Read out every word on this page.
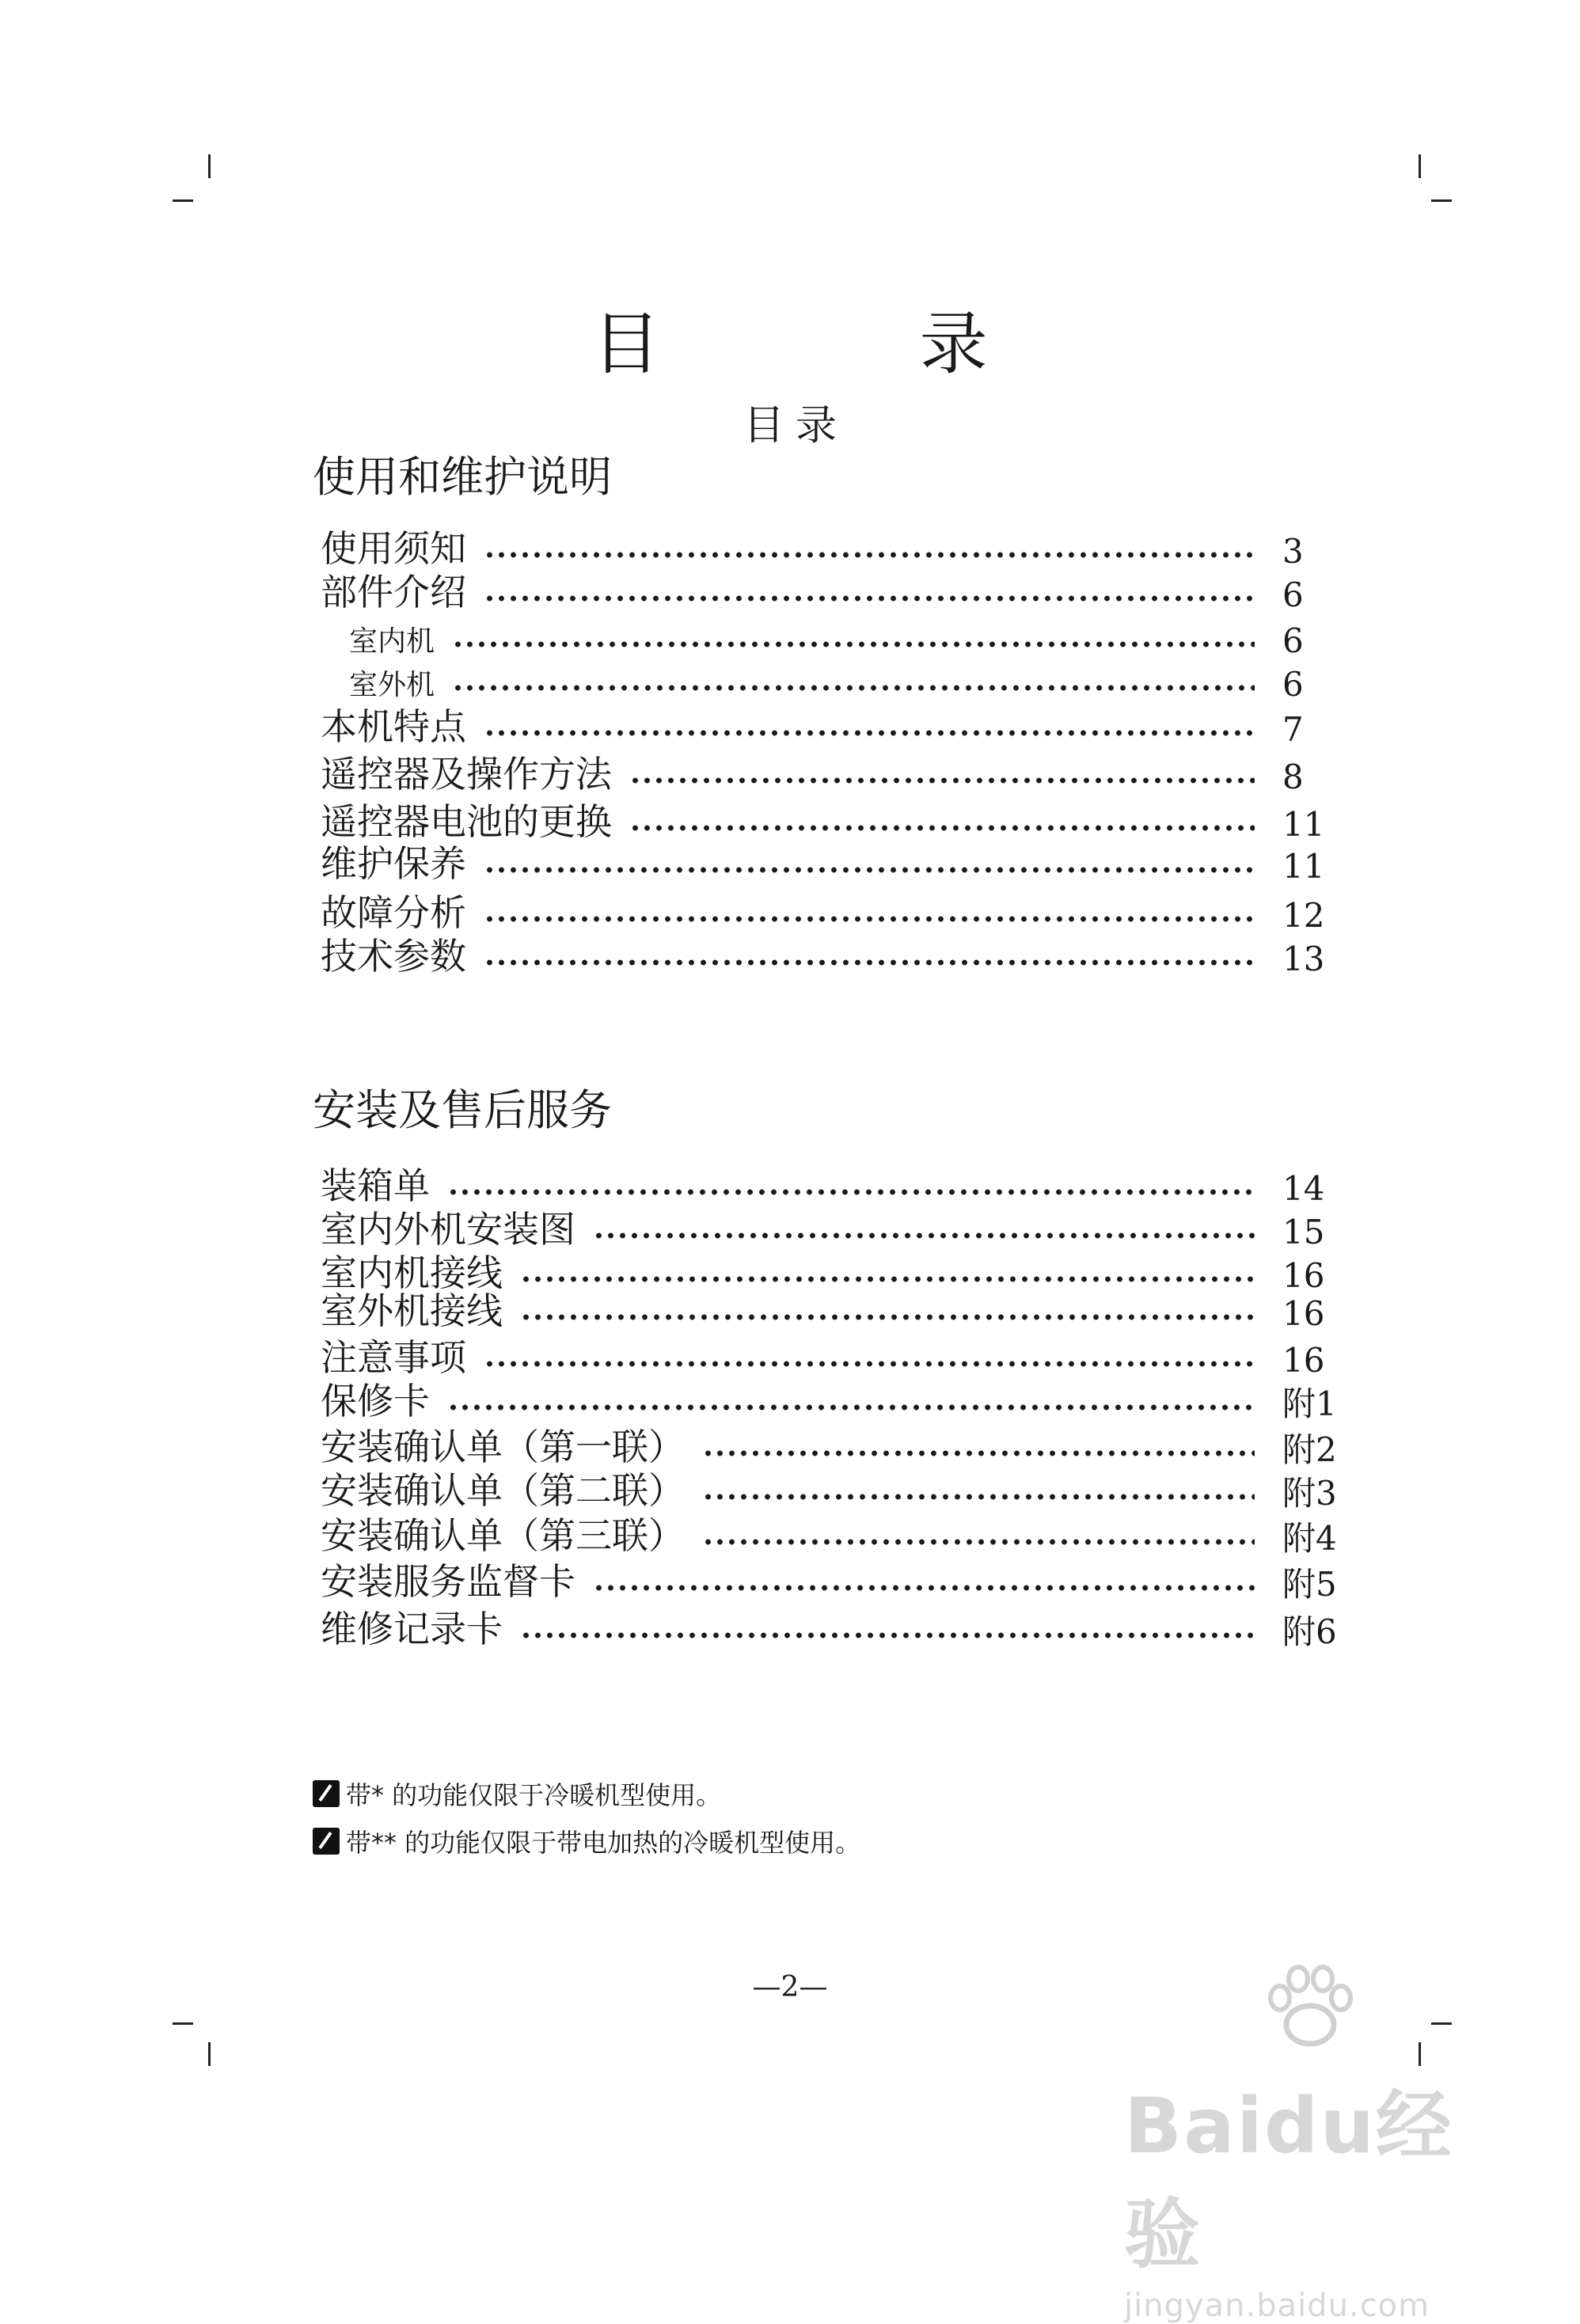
目 录
目录
使用和维护说明
使用须知	3
部件介绍	6
室内机	6
室外机	6
本机特点	7
遥控器及操作方法	8
遥控器电池的更换	11
维护保养	11
故障分析	12
技术参数	13
安装及售后服务
装箱单	14
室内外机安装图	15
室内机接线	16
室外机接线	16
注意事项	16
保修卡	附1
安装确认单（第一联）	附2
安装确认单（第二联）	附3
安装确认单（第三联）	附4
安装服务监督卡	附5
维修记录卡	附6
带* 的功能仅限于冷暖机型使用。
带** 的功能仅限于带电加热的冷暖机型使用。
—2—
Baidu经验
jingyan.baidu.com
